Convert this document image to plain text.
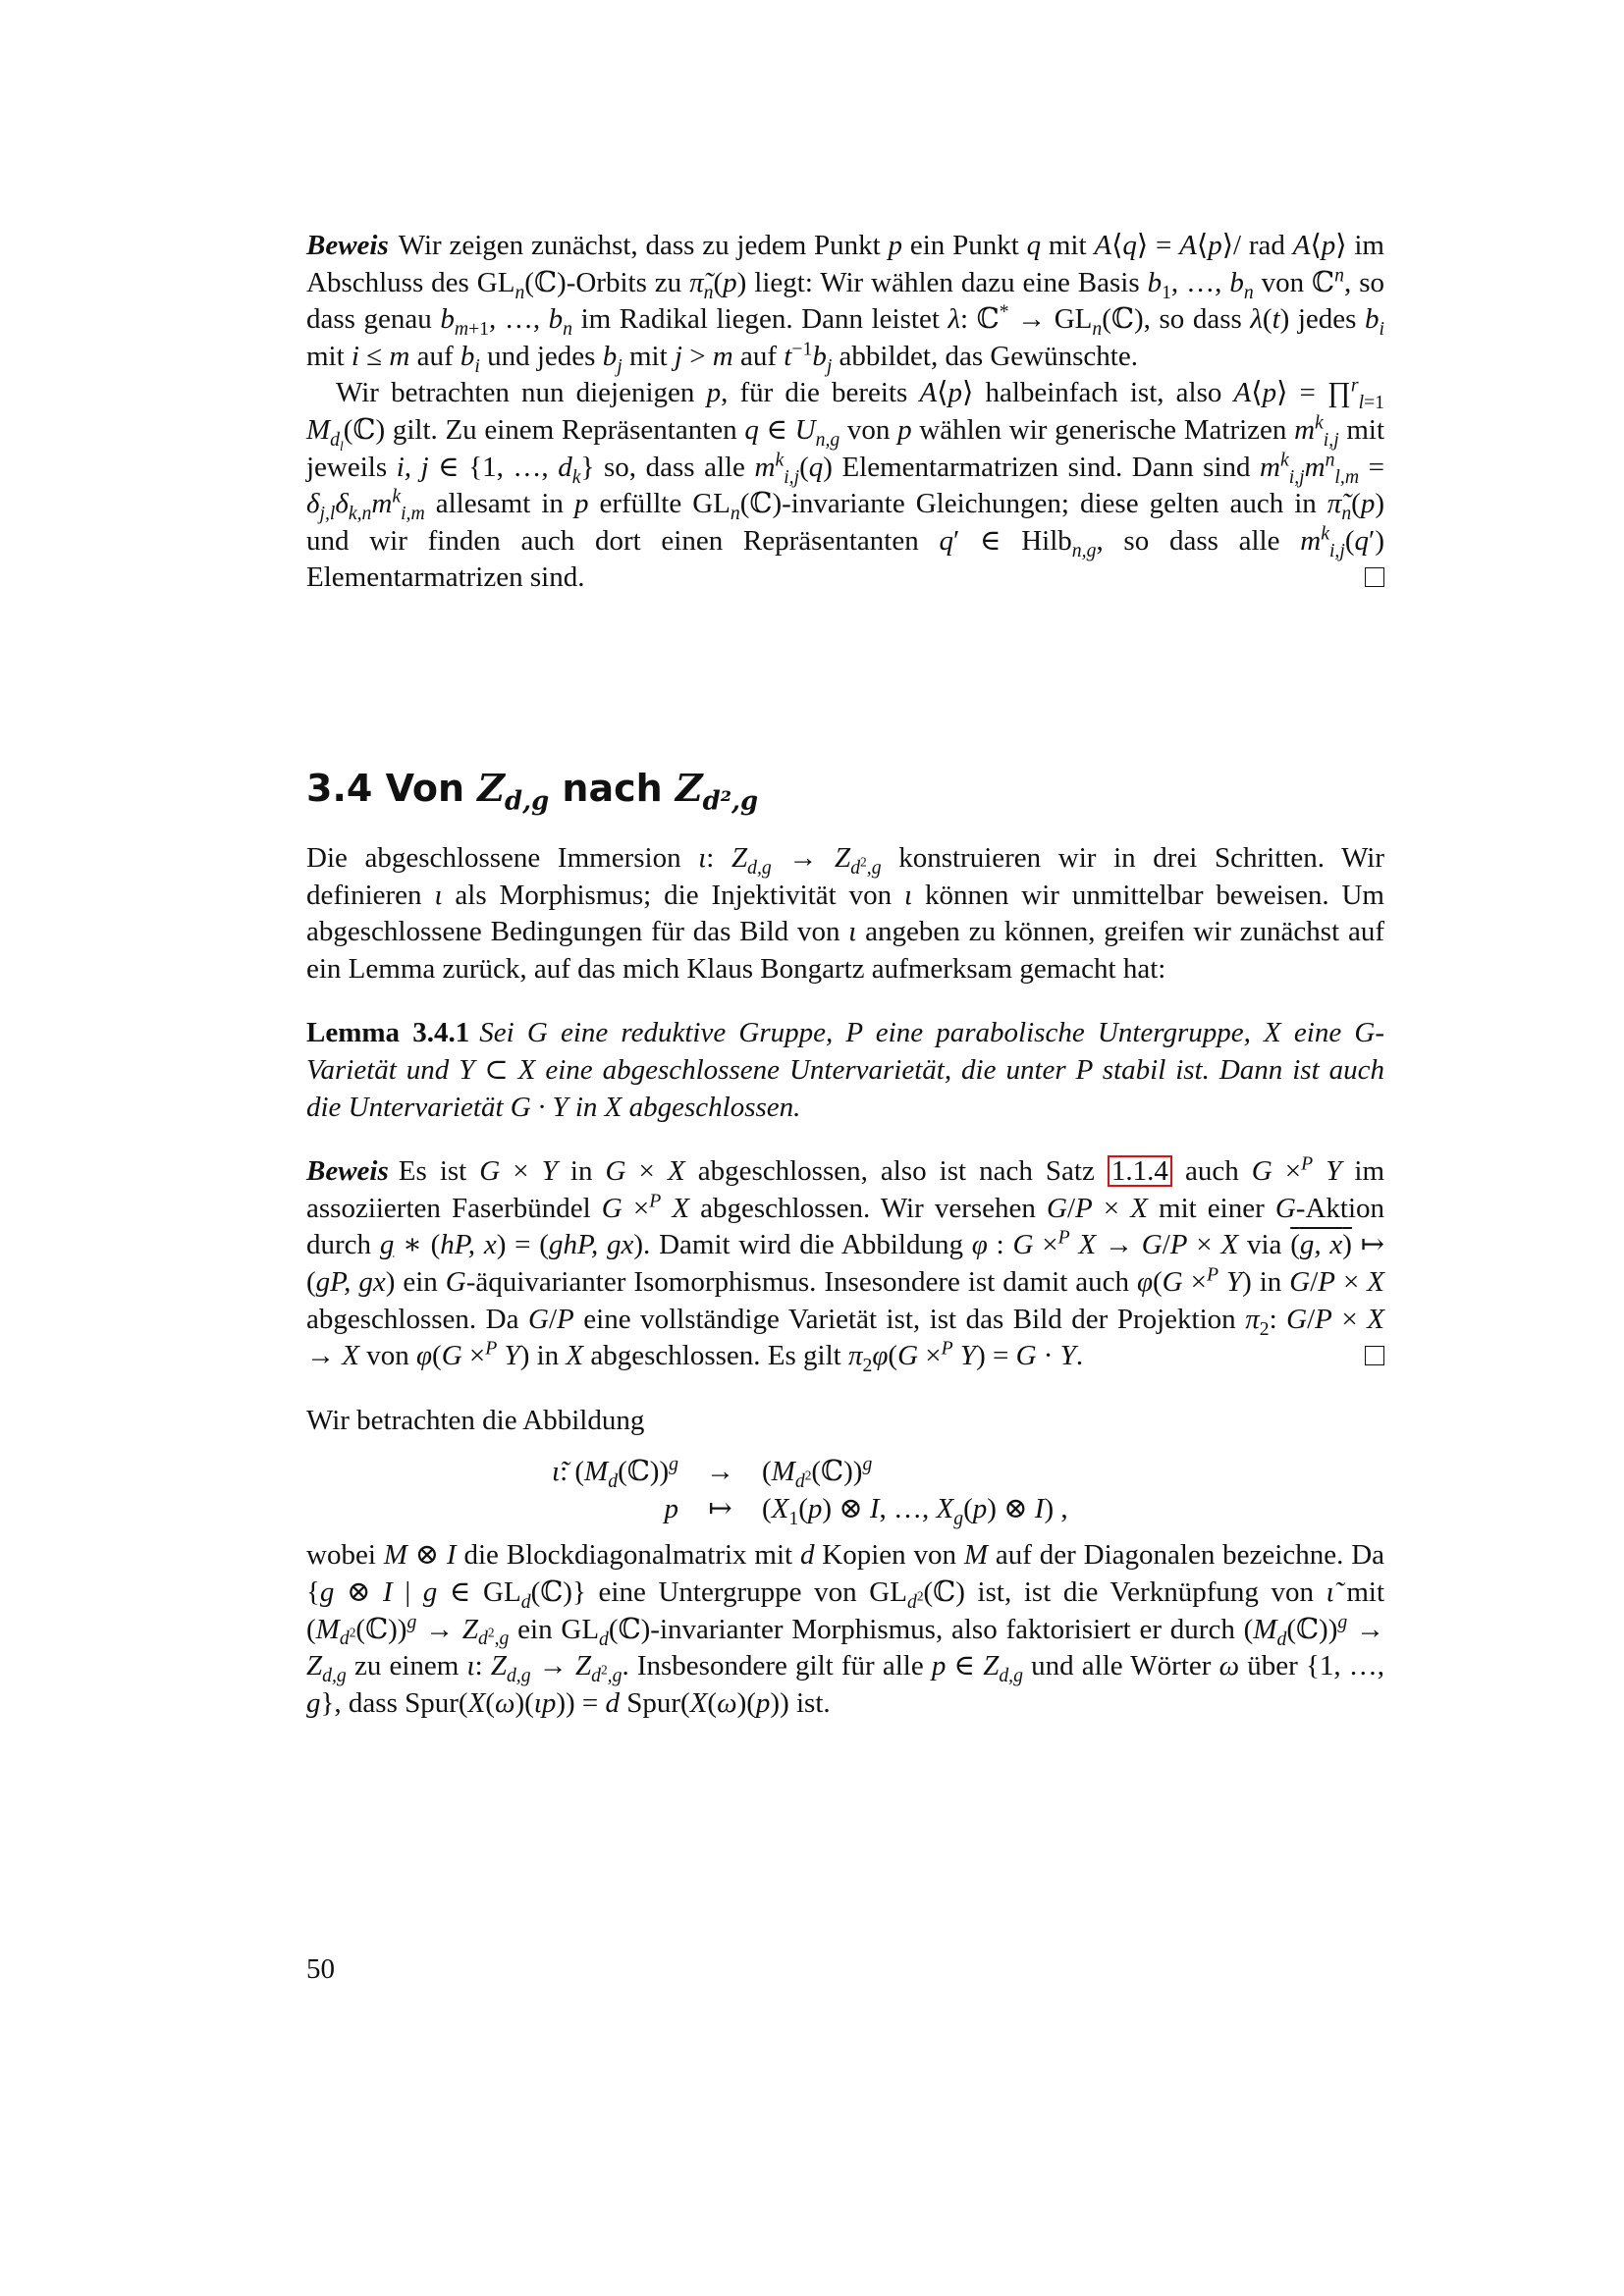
Beweis Wir zeigen zunächst, dass zu jedem Punkt p ein Punkt q mit A⟨q⟩ = A⟨p⟩/ rad A⟨p⟩ im Abschluss des $GL_n(ℂ)$-Orbits zu $\pĩ_n(p)$ liegt: Wir wählen dazu eine Basis $b_1$, …, $b_n$ von ℂ$^n$, so dass genau $b_{m+1}$, …, $b_n$ im Radikal liegen. Dann leistet λ: ℂ* → $GL_n(ℂ)$, so dass λ(t) jedes $b_i$ mit i ≤ m auf $b_i$ und jedes $b_j$ mit j > m auf $t^{-1}b_j$ abbildet, das Gewünschte.

Wir betrachten nun diejenigen p, für die bereits A⟨p⟩ halbeinfach ist, also A⟨p⟩ = ∏$^r_{l=1}$ $M_{d_l}(ℂ)$ gilt. Zu einem Repräsentanten q ∈ $U_{n,g}$ von p wählen wir generische Matrizen $m^k_{i,j}$ mit jeweils i, j ∈ {1, …, $d_k$} so, dass alle $m^k_{i,j}(q)$ Elementarmatrizen sind. Dann sind $m^k_{i,j}m^n_{l,m} = \delta_{j,l}\delta_{k,n}m^k_{i,m}$ allesamt in p erfüllte $GL_n(ℂ)$-invariante Gleichungen; diese gelten auch in $\pĩ_n(p)$ und wir finden auch dort einen Repräsentanten q′ ∈ Hilb$_{n,g}$, so dass alle $m^k_{i,j}(q')$ Elementarmatrizen sind.

3.4 Von $Z_{d,g}$ nach $Z_{d^2,g}$

Die abgeschlossene Immersion ι: $Z_{d,g} \to Z_{d^2,g}$ konstruieren wir in drei Schritten. Wir definieren ι als Morphismus; die Injektivität von ι können wir unmittelbar beweisen. Um abgeschlossene Bedingungen für das Bild von ι angeben zu können, greifen wir zunächst auf ein Lemma zurück, auf das mich Klaus Bongartz aufmerksam gemacht hat:

Lemma 3.4.1 Sei G eine reduktive Gruppe, P eine parabolische Untergruppe, X eine G-Varietät und Y ⊂ X eine abgeschlossene Untervarietät, die unter P stabil ist. Dann ist auch die Untervarietät G · Y in X abgeschlossen.

Beweis Es ist G × Y in G × X abgeschlossen, also ist nach Satz 1.1.4 auch G ×$^P$ Y im assoziierten Faserbündel G ×$^P$ X abgeschlossen. Wir versehen G/P × X mit einer G-Aktion durch g ∗ (hP, x) = (ghP, gx). Damit wird die Abbildung φ : G ×$^P$ X → G/P × X via (g, x) ↦ (gP, gx) ein G-äquivarianter Isomorphismus. Insesondere ist damit auch φ(G ×$^P$ Y) in G/P × X abgeschlossen. Da G/P eine vollständige Varietät ist, ist das Bild der Projektion $\pi_2$: G/P × X → X von φ(G ×$^P$ Y) in X abgeschlossen. Es gilt $\pi_2\varphi(G \times^P$ Y) = G · Y.

Wir betrachten die Abbildung

ι̃: $(M_d(ℂ))^g$	→	$(M_{d^2}(ℂ))^g$
p	↦	($X_1(p)$ ⊗ I, …, $X_g(p)$ ⊗ I) ,

wobei M ⊗ I die Blockdiagonalmatrix mit d Kopien von M auf der Diagonalen bezeichne. Da {g ⊗ I | g ∈ $GL_d(ℂ)$} eine Untergruppe von $GL_{d^2}(ℂ)$ ist, ist die Verknüpfung von ι̃ mit $(M_{d^2}(ℂ))^g \to Z_{d^2,g}$ ein $GL_d(ℂ)$-invarianter Morphismus, also faktorisiert er durch $(M_d(ℂ))^g \to Z_{d,g}$ zu einem ι: $Z_{d,g} \to Z_{d^2,g}$. Insbesondere gilt für alle p ∈ $Z_{d,g}$ und alle Wörter ω über {1, …, g}, dass Spur(X(ω)(ιp)) = d Spur(X(ω)(p)) ist.

50
